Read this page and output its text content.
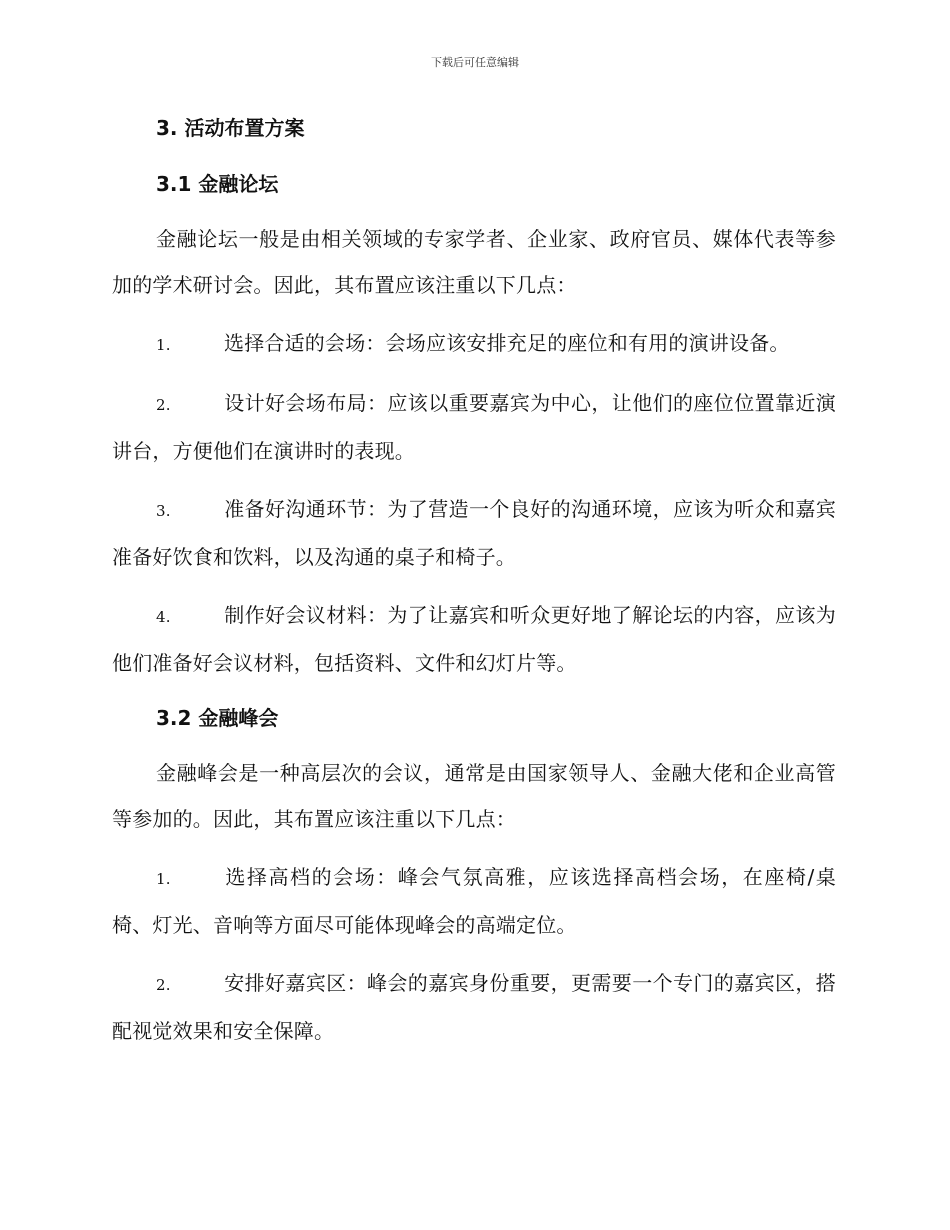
下载后可任意编辑
3. 活动布置方案
3.1 金融论坛

金融论坛一般是由相关领域的专家学者、企业家、政府官员、媒体代表等参加的学术研讨会。因此，其布置应该注重以下几点：

1.	选择合适的会场：会场应该安排充足的座位和有用的演讲设备。

2.	设计好会场布局：应该以重要嘉宾为中心，让他们的座位位置靠近演讲台，方便他们在演讲时的表现。

3.	准备好沟通环节：为了营造一个良好的沟通环境，应该为听众和嘉宾准备好饮食和饮料，以及沟通的桌子和椅子。

4.	制作好会议材料：为了让嘉宾和听众更好地了解论坛的内容，应该为他们准备好会议材料，包括资料、文件和幻灯片等。

3.2 金融峰会

金融峰会是一种高层次的会议，通常是由国家领导人、金融大佬和企业高管等参加的。因此，其布置应该注重以下几点：

1.	选择高档的会场：峰会气氛高雅，应该选择高档会场，在座椅/桌椅、灯光、音响等方面尽可能体现峰会的高端定位。

2.	安排好嘉宾区：峰会的嘉宾身份重要，更需要一个专门的嘉宾区，搭配视觉效果和安全保障。
